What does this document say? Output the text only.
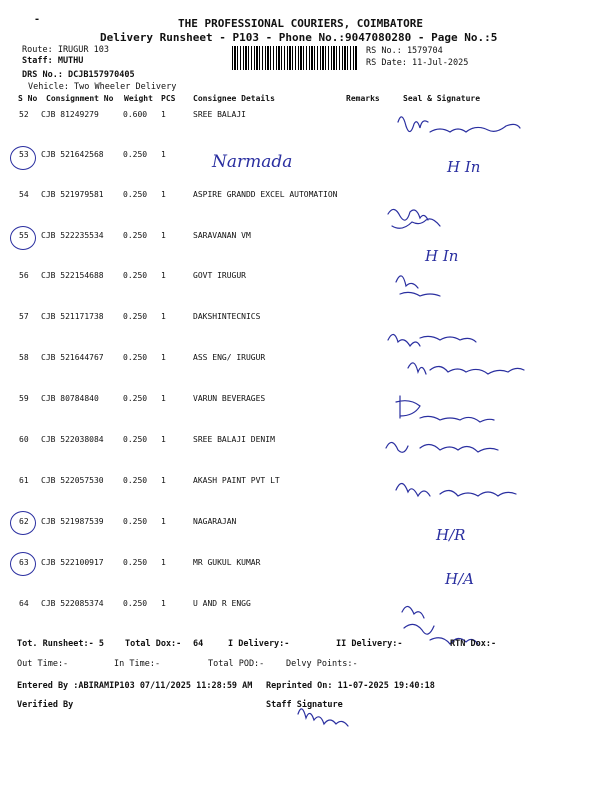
THE PROFESSIONAL COURIERS, COIMBATORE
Delivery Runsheet - P103 - Phone No.:9047080280 - Page No.:5
Route: IRUGUR 103
Staff: MUTHU
DRS No.: DCJB157970405
Vehicle: Two Wheeler Delivery
RS No.: 1579704
RS Date: 11-Jul-2025
-
S No Consignment No Weight PCS Consignee Details	Remarks	Seal & Signature
52 CJB 81249279	0.600 1	SREE BALAJI
53 CJB 521642568 0.250 1
54 CJB 521979581 0.250 1	ASPIRE GRANDD EXCEL AUTOMATION
55 CJB 522235534 0.250 1	SARAVANAN VM
56 CJB 522154688 0.250 1	GOVT IRUGUR
57 CJB 521171738 0.250 1	DAKSHINTECNICS
58 CJB 521644767 0.250 1	ASS ENG/ IRUGUR
59 CJB 80784840	0.250 1	VARUN BEVERAGES
60 CJB 522038084 0.250 1	SREE BALAJI DENIM
61 CJB 522057530 0.250 1	AKASH PAINT PVT LT
62 CJB 521987539 0.250 1	NAGARAJAN
63 CJB 522100917 0.250 1	MR GUKUL KUMAR
64 CJB 522085374 0.250 1	U AND R ENGG
Narmada	H In
H In
H/R
H/A
Tot. Runsheet:- 5 Total Dox:- 64	I Delivery:-	II Delivery:-	RTN Dox:-
Out Time:-	In Time:-	Total POD:-	Delvy Points:-
Entered By :ABIRAMIP103 07/11/2025 11:28:59 AM Reprinted On: 11-07-2025 19:40:18
Verified By	Staff Signature
